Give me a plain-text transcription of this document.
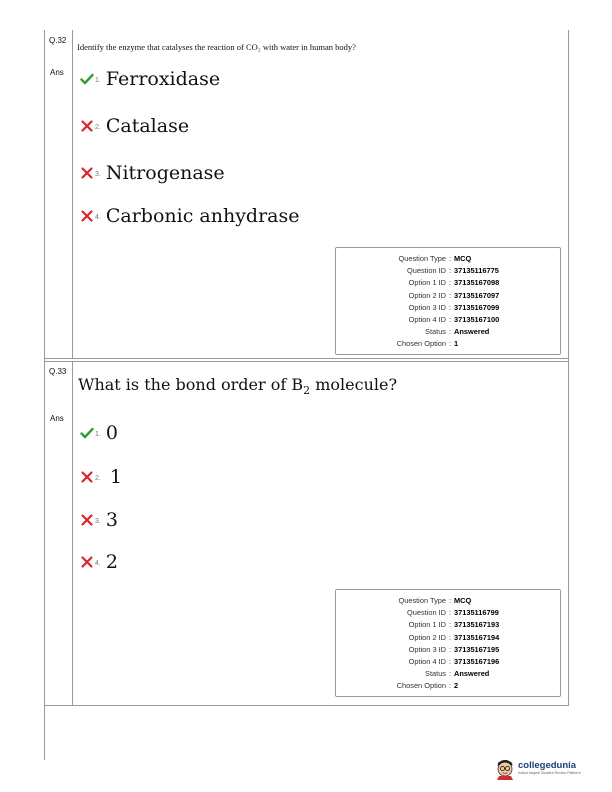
Q.32
Identify the enzyme that catalyses the reaction of CO₂ with water in human body?
Ans
1. Ferroxidase
2. Catalase
3. Nitrogenase
4. Carbonic anhydrase
Question Type : MCQ
Question ID : 37135116775
Option 1 ID : 37135167098
Option 2 ID : 37135167097
Option 3 ID : 37135167099
Option 4 ID : 37135167100
Status : Answered
Chosen Option : 1
Q.33
What is the bond order of $B_2$ molecule?
Ans
1. 0
2. 1
3. 3
4. 2
Question Type : MCQ
Question ID : 37135116799
Option 1 ID : 37135167193
Option 2 ID : 37135167194
Option 3 ID : 37135167195
Option 4 ID : 37135167196
Status : Answered
Chosen Option : 2
collegedunia
India's largest Student Review Platform
